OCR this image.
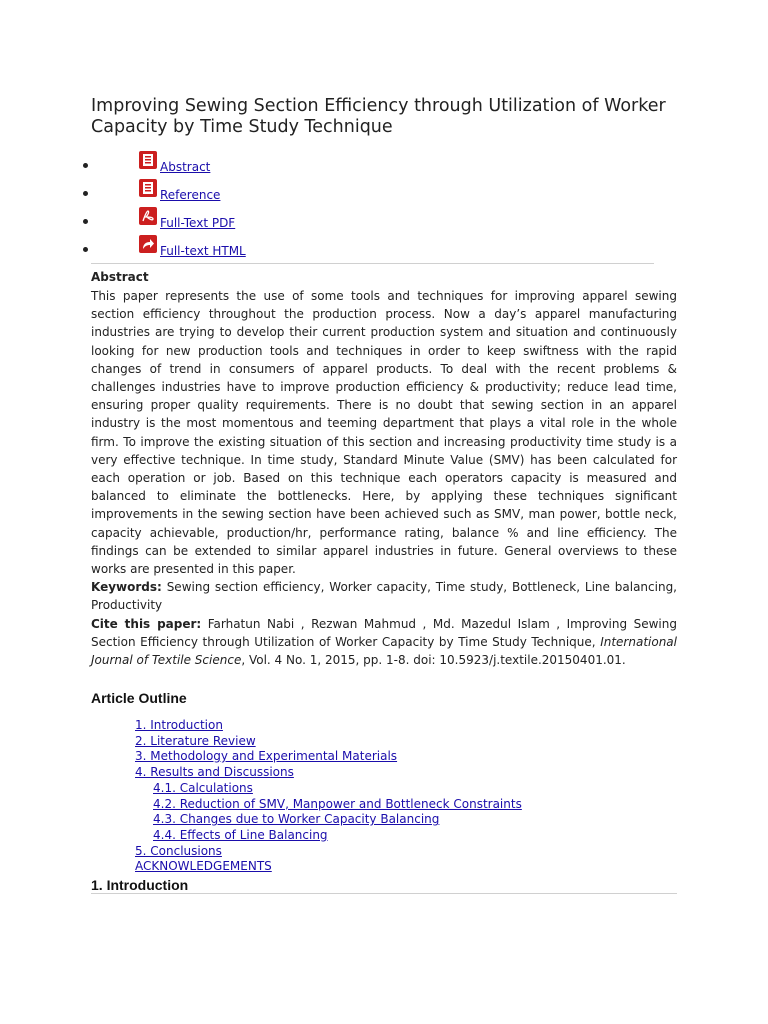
Improving Sewing Section Efficiency through Utilization of Worker Capacity by Time Study Technique
Abstract
Reference
Full-Text PDF
Full-text HTML
Abstract

This paper represents the use of some tools and techniques for improving apparel sewing section efficiency throughout the production process. Now a day’s apparel manufacturing industries are trying to develop their current production system and situation and continuously looking for new production tools and techniques in order to keep swiftness with the rapid changes of trend in consumers of apparel products. To deal with the recent problems & challenges industries have to improve production efficiency & productivity; reduce lead time, ensuring proper quality requirements. There is no doubt that sewing section in an apparel industry is the most momentous and teeming department that plays a vital role in the whole firm. To improve the existing situation of this section and increasing productivity time study is a very effective technique. In time study, Standard Minute Value (SMV) has been calculated for each operation or job. Based on this technique each operators capacity is measured and balanced to eliminate the bottlenecks. Here, by applying these techniques significant improvements in the sewing section have been achieved such as SMV, man power, bottle neck, capacity achievable, production/hr, performance rating, balance % and line efficiency. The findings can be extended to similar apparel industries in future. General overviews to these works are presented in this paper.

Keywords: Sewing section efficiency, Worker capacity, Time study, Bottleneck, Line balancing, Productivity

Cite this paper: Farhatun Nabi , Rezwan Mahmud , Md. Mazedul Islam , Improving Sewing Section Efficiency through Utilization of Worker Capacity by Time Study Technique, International Journal of Textile Science, Vol. 4 No. 1, 2015, pp. 1-8. doi: 10.5923/j.textile.20150401.01.

Article Outline
1. Introduction
2. Literature Review
3. Methodology and Experimental Materials
4. Results and Discussions
4.1. Calculations
4.2. Reduction of SMV, Manpower and Bottleneck Constraints
4.3. Changes due to Worker Capacity Balancing
4.4. Effects of Line Balancing
5. Conclusions
ACKNOWLEDGEMENTS
1. Introduction
